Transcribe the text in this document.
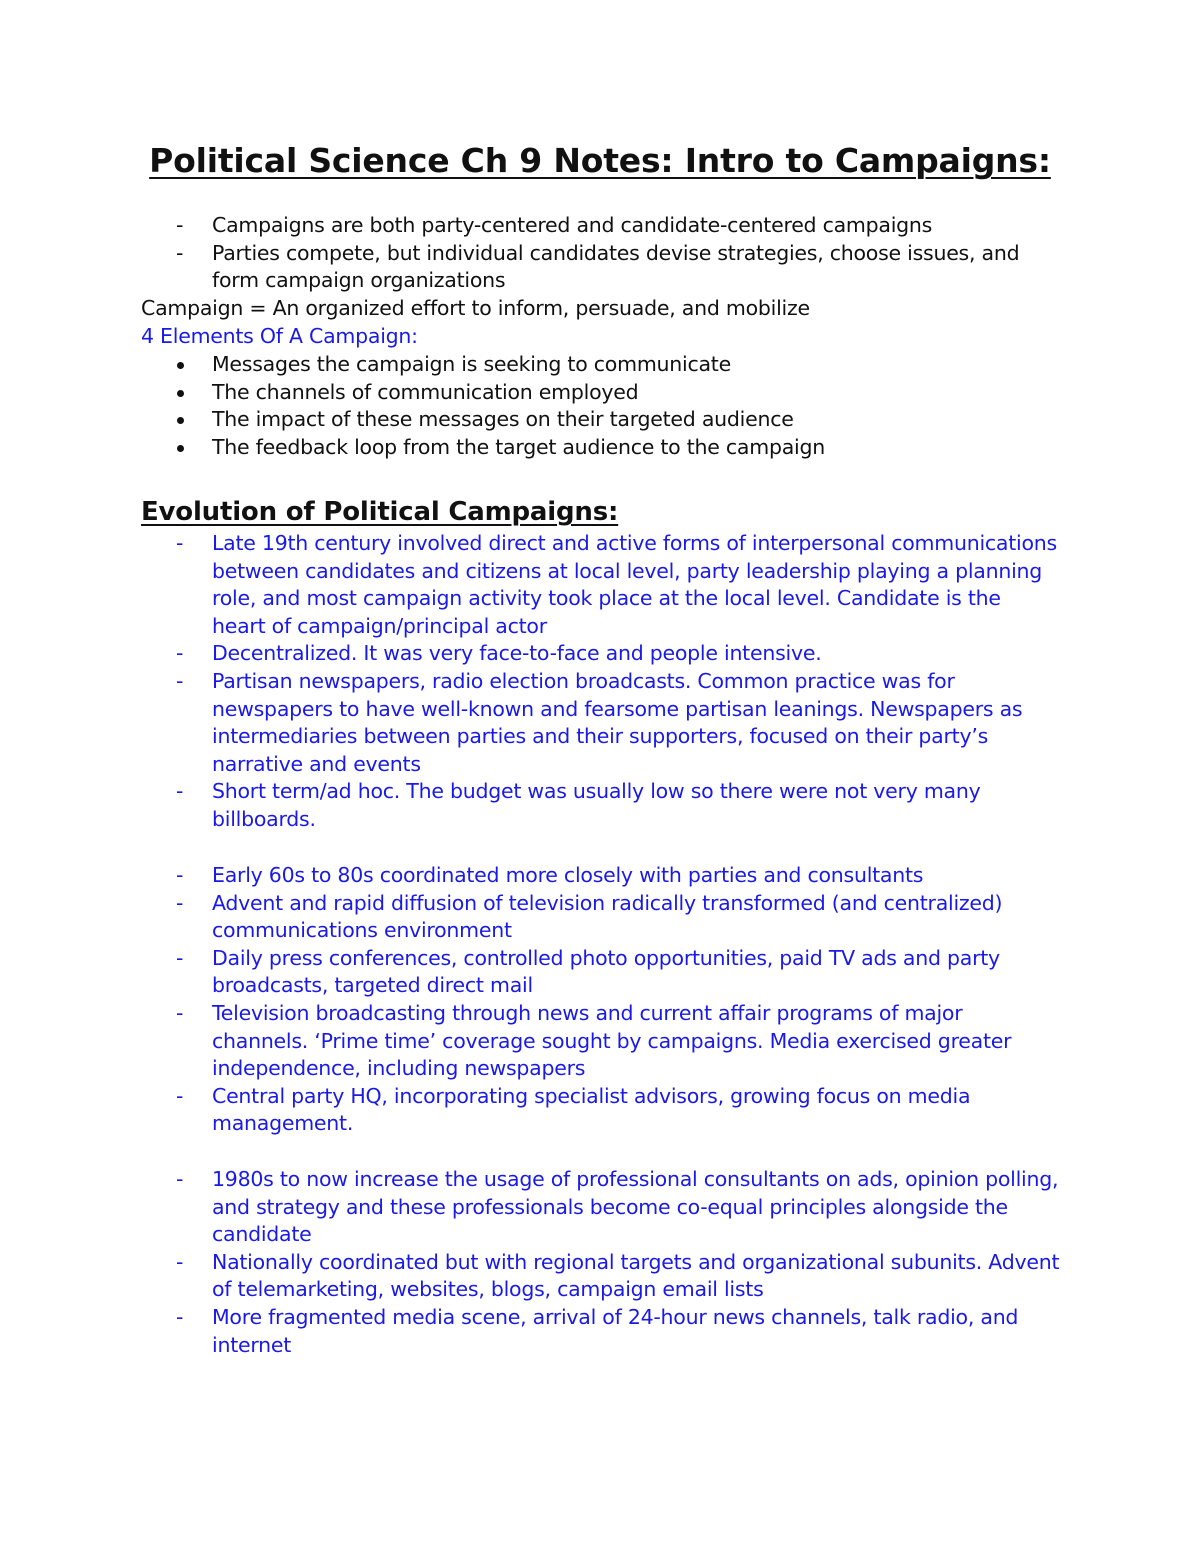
Political Science Ch 9 Notes: Intro to Campaigns:
-	Campaigns are both party-centered and candidate-centered campaigns
-	Parties compete, but individual candidates devise strategies, choose issues, and form campaign organizations
Campaign = An organized effort to inform, persuade, and mobilize
4 Elements Of A Campaign:
Messages the campaign is seeking to communicate
The channels of communication employed
The impact of these messages on their targeted audience
The feedback loop from the target audience to the campaign
Evolution of Political Campaigns:
-	Late 19th century involved direct and active forms of interpersonal communications between candidates and citizens at local level, party leadership playing a planning role, and most campaign activity took place at the local level. Candidate is the heart of campaign/principal actor
-	Decentralized. It was very face-to-face and people intensive.
-	Partisan newspapers, radio election broadcasts. Common practice was for newspapers to have well-known and fearsome partisan leanings. Newspapers as intermediaries between parties and their supporters, focused on their party’s narrative and events
-	Short term/ad hoc. The budget was usually low so there were not very many billboards.
-	Early 60s to 80s coordinated more closely with parties and consultants
-	Advent and rapid diffusion of television radically transformed (and centralized) communications environment
-	Daily press conferences, controlled photo opportunities, paid TV ads and party broadcasts, targeted direct mail
-	Television broadcasting through news and current affair programs of major channels. ‘Prime time’ coverage sought by campaigns. Media exercised greater independence, including newspapers
-	Central party HQ, incorporating specialist advisors, growing focus on media management.
-	1980s to now increase the usage of professional consultants on ads, opinion polling, and strategy and these professionals become co-equal principles alongside the candidate
-	Nationally coordinated but with regional targets and organizational subunits. Advent of telemarketing, websites, blogs, campaign email lists
-	More fragmented media scene, arrival of 24-hour news channels, talk radio, and internet
